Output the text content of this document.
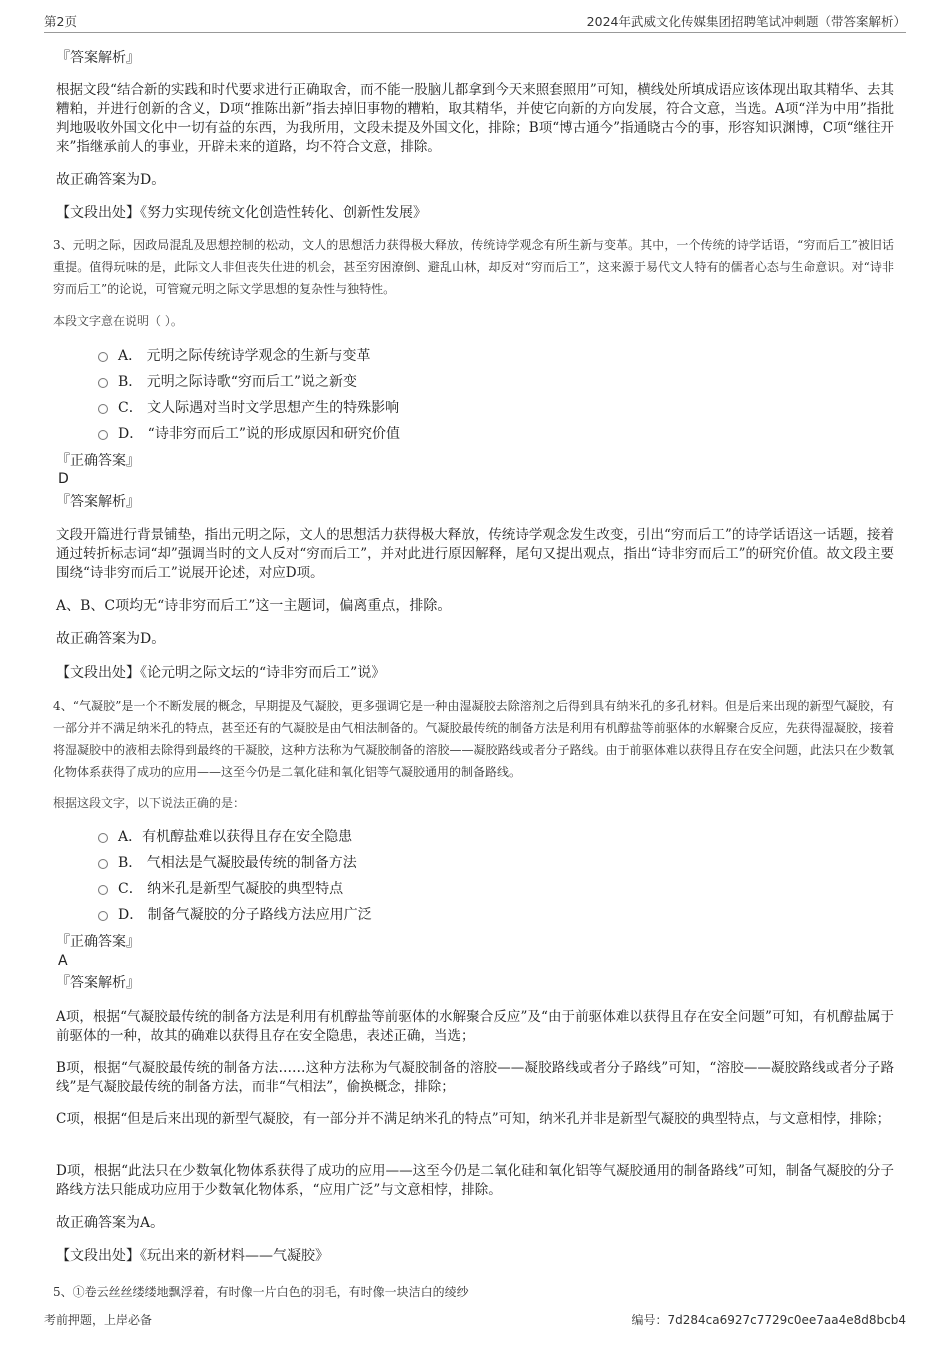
第2页	2024年武威文化传媒集团招聘笔试冲刺题（带答案解析）
『答案解析』

根据文段“结合新的实践和时代要求进行正确取舍，而不能一股脑儿都拿到今天来照套照用”可知，横线处所填成语应该体现出取其精华、去其糟粕，并进行创新的含义，D项“推陈出新”指去掉旧事物的糟粕，取其精华，并使它向新的方向发展，符合文意，当选。A项“洋为中用”指批判地吸收外国文化中一切有益的东西，为我所用，文段未提及外国文化，排除；B项“博古通今”指通晓古今的事，形容知识渊博，C项“继往开来”指继承前人的事业，开辟未来的道路，均不符合文意，排除。

故正确答案为D。
【文段出处】《努力实现传统文化创造性转化、创新性发展》

3、元明之际，因政局混乱及思想控制的松动，文人的思想活力获得极大释放，传统诗学观念有所生新与变革。其中，一个传统的诗学话语，“穷而后工”被旧话重提。值得玩味的是，此际文人非但丧失仕进的机会，甚至穷困潦倒、避乱山林，却反对“穷而后工”，这来源于易代文人特有的儒者心态与生命意识。对“诗非穷而后工”的论说，可管窥元明之际文学思想的复杂性与独特性。

本段文字意在说明（ ）。
A． 元明之际传统诗学观念的生新与变革
B． 元明之际诗歌“穷而后工”说之新变
C． 文人际遇对当时文学思想产生的特殊影响
D． “诗非穷而后工”说的形成原因和研究价值
『正确答案』
D
『答案解析』

文段开篇进行背景铺垫，指出元明之际，文人的思想活力获得极大释放，传统诗学观念发生改变，引出“穷而后工”的诗学话语这一话题，接着通过转折标志词“却”强调当时的文人反对“穷而后工”，并对此进行原因解释，尾句又提出观点，指出“诗非穷而后工”的研究价值。故文段主要围绕“诗非穷而后工”说展开论述，对应D项。

A、B、C项均无“诗非穷而后工”这一主题词，偏离重点，排除。
故正确答案为D。
【文段出处】《论元明之际文坛的“诗非穷而后工”说》

4、“气凝胶”是一个不断发展的概念，早期提及气凝胶，更多强调它是一种由湿凝胶去除溶剂之后得到具有纳米孔的多孔材料。但是后来出现的新型气凝胶，有一部分并不满足纳米孔的特点，甚至还有的气凝胶是由气相法制备的。气凝胶最传统的制备方法是利用有机醇盐等前驱体的水解聚合反应，先获得湿凝胶，接着将湿凝胶中的液相去除得到最终的干凝胶，这种方法称为气凝胶制备的溶胶——凝胶路线或者分子路线。由于前驱体难以获得且存在安全问题，此法只在少数氧化物体系获得了成功的应用——这至今仍是二氧化硅和氧化铝等气凝胶通用的制备路线。

根据这段文字，以下说法正确的是：
A．有机醇盐难以获得且存在安全隐患
B． 气相法是气凝胶最传统的制备方法
C． 纳米孔是新型气凝胶的典型特点
D． 制备气凝胶的分子路线方法应用广泛
『正确答案』
A
『答案解析』

A项，根据“气凝胶最传统的制备方法是利用有机醇盐等前驱体的水解聚合反应”及“由于前驱体难以获得且存在安全问题”可知，有机醇盐属于前驱体的一种，故其的确难以获得且存在安全隐患，表述正确，当选；

B项，根据“气凝胶最传统的制备方法……这种方法称为气凝胶制备的溶胶——凝胶路线或者分子路线”可知，“溶胶——凝胶路线或者分子路线”是气凝胶最传统的制备方法，而非“气相法”，偷换概念，排除；

C项，根据“但是后来出现的新型气凝胶，有一部分并不满足纳米孔的特点”可知，纳米孔并非是新型气凝胶的典型特点，与文意相悖，排除；

D项，根据“此法只在少数氧化物体系获得了成功的应用——这至今仍是二氧化硅和氧化铝等气凝胶通用的制备路线”可知，制备气凝胶的分子路线方法只能成功应用于少数氧化物体系，“应用广泛”与文意相悖，排除。

故正确答案为A。
【文段出处】《玩出来的新材料——气凝胶》

5、①卷云丝丝缕缕地飘浮着，有时像一片白色的羽毛，有时像一块洁白的绫纱

考前押题，上岸必备	编号：7d284ca6927c7729c0ee7aa4e8d8bcb4
